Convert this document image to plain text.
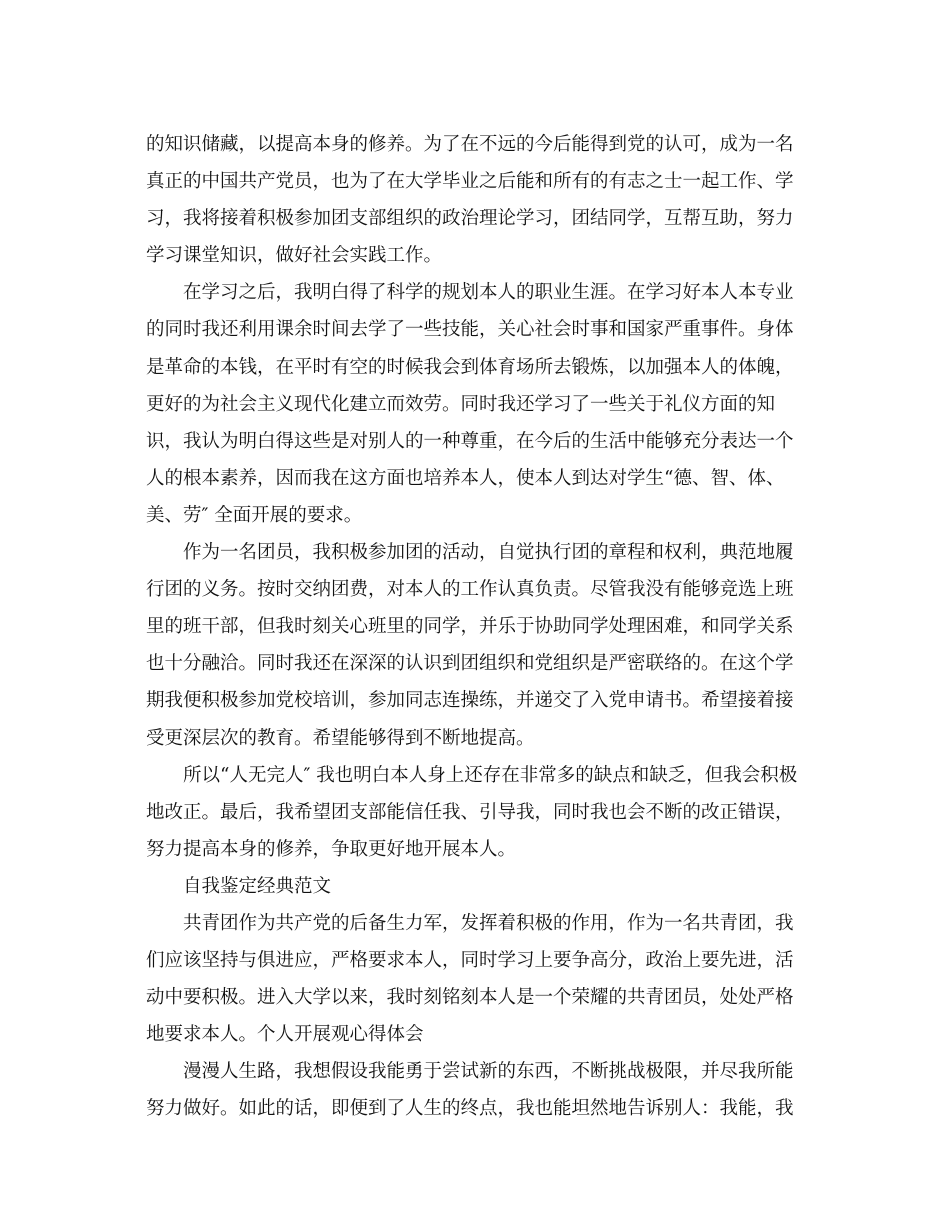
的知识储藏，以提高本身的修养。为了在不远的今后能得到党的认可，成为一名
真正的中国共产党员，也为了在大学毕业之后能和所有的有志之士一起工作、学
习，我将接着积极参加团支部组织的政治理论学习，团结同学，互帮互助，努力
学习课堂知识，做好社会实践工作。
在学习之后，我明白得了科学的规划本人的职业生涯。在学习好本人本专业
的同时我还利用课余时间去学了一些技能，关心社会时事和国家严重事件。身体
是革命的本钱，在平时有空的时候我会到体育场所去锻炼，以加强本人的体魄，
更好的为社会主义现代化建立而效劳。同时我还学习了一些关于礼仪方面的知
识，我认为明白得这些是对别人的一种尊重，在今后的生活中能够充分表达一个
人的根本素养，因而我在这方面也培养本人，使本人到达对学生“德、智、体、
美、劳″ 全面开展的要求。
作为一名团员，我积极参加团的活动，自觉执行团的章程和权利，典范地履
行团的义务。按时交纳团费，对本人的工作认真负责。尽管我没有能够竞选上班
里的班干部，但我时刻关心班里的同学，并乐于协助同学处理困难，和同学关系
也十分融洽。同时我还在深深的认识到团组织和党组织是严密联络的。在这个学
期我便积极参加党校培训，参加同志连操练，并递交了入党申请书。希望接着接
受更深层次的教育。希望能够得到不断地提高。
所以“人无完人″ 我也明白本人身上还存在非常多的缺点和缺乏，但我会积极
地改正。最后，我希望团支部能信任我、引导我，同时我也会不断的改正错误，
努力提高本身的修养，争取更好地开展本人。
自我鉴定经典范文
共青团作为共产党的后备生力军，发挥着积极的作用，作为一名共青团，我
们应该坚持与俱进应，严格要求本人，同时学习上要争高分，政治上要先进，活
动中要积极。进入大学以来，我时刻铭刻本人是一个荣耀的共青团员，处处严格
地要求本人。个人开展观心得体会
漫漫人生路，我想假设我能勇于尝试新的东西，不断挑战极限，并尽我所能
努力做好。如此的话，即便到了人生的终点，我也能坦然地告诉别人：我能，我
